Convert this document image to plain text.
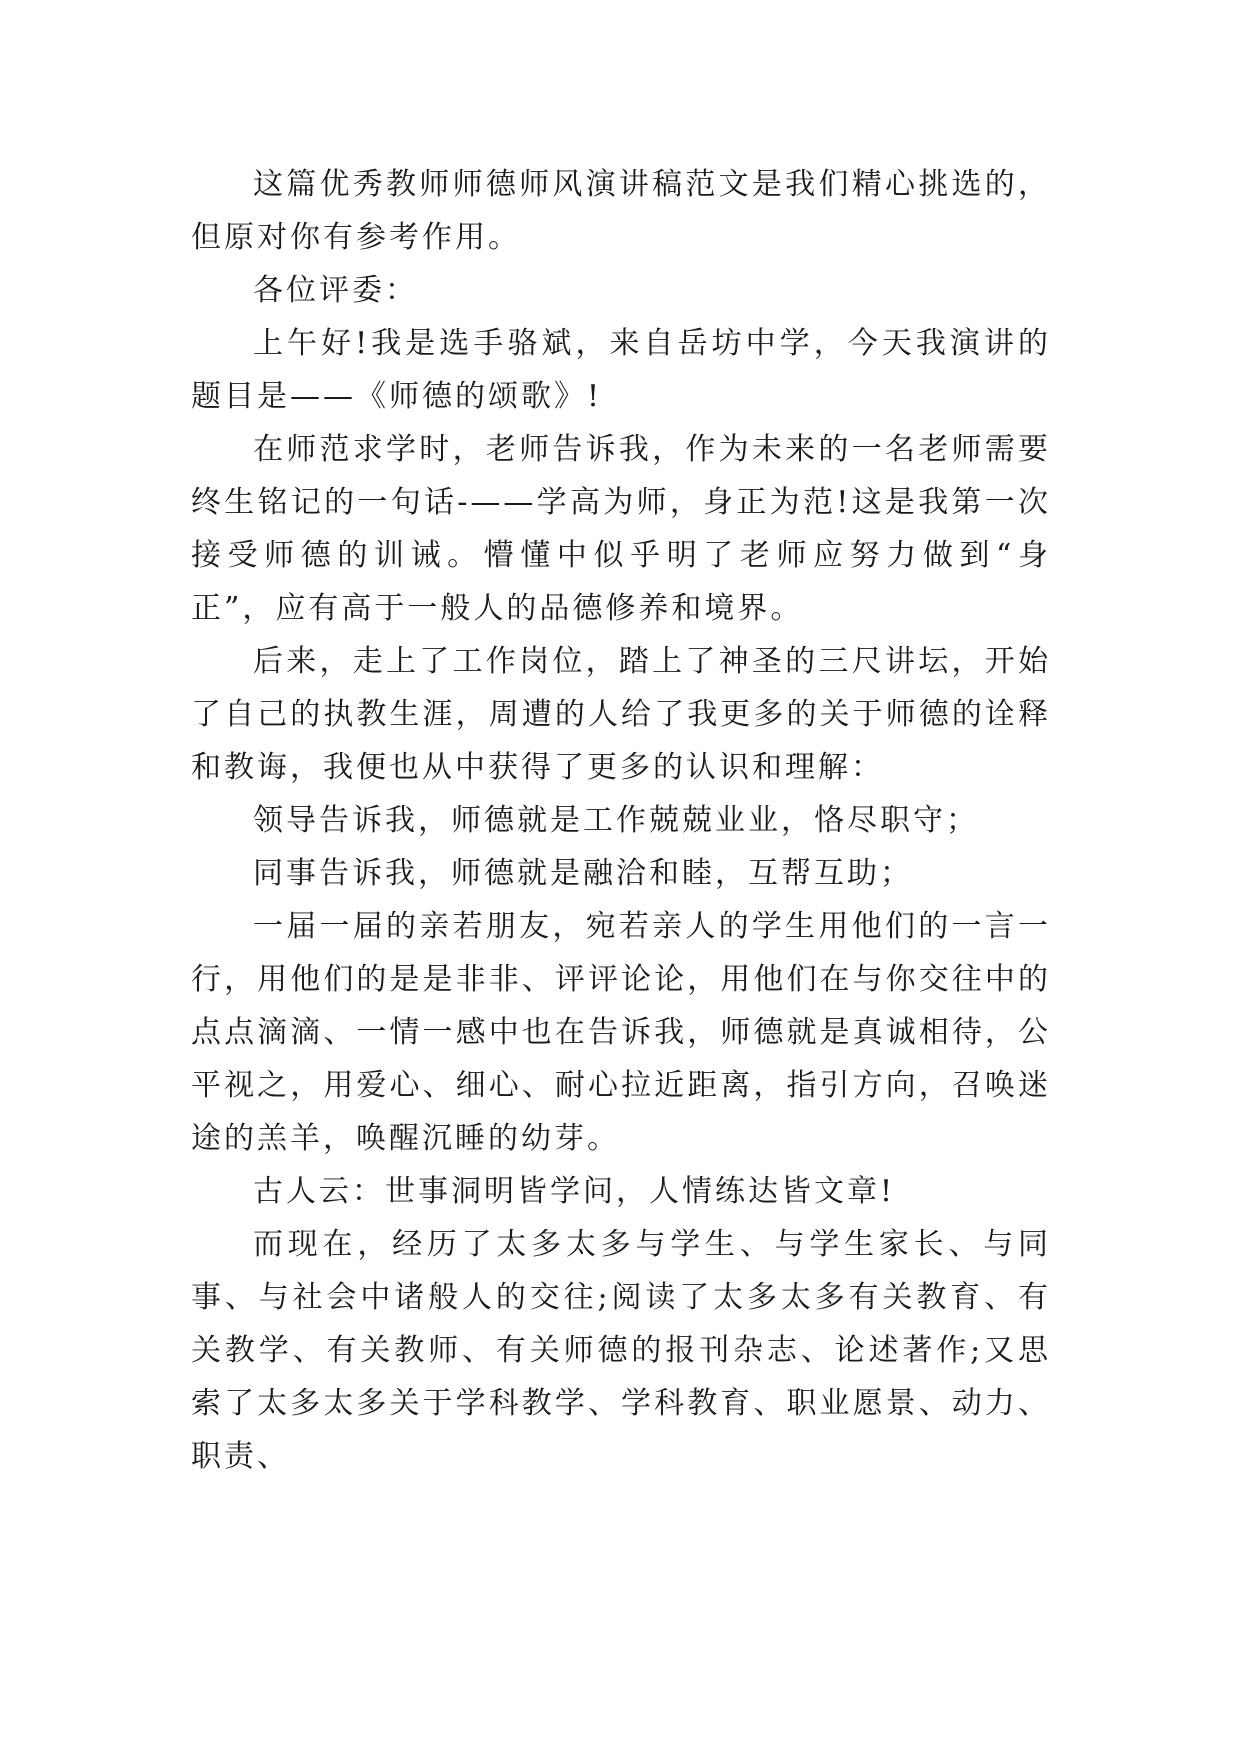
这篇优秀教师师德师风演讲稿范文是我们精心挑选的，但原对你有参考作用。

各位评委：

上午好!我是选手骆斌，来自岳坊中学，今天我演讲的题目是——《师德的颂歌》!

在师范求学时，老师告诉我，作为未来的一名老师需要终生铭记的一句话-——学高为师，身正为范!这是我第一次接受师德的训诫。懵懂中似乎明了老师应努力做到“身正”，应有高于一般人的品德修养和境界。

后来，走上了工作岗位，踏上了神圣的三尺讲坛，开始了自己的执教生涯，周遭的人给了我更多的关于师德的诠释和教诲，我便也从中获得了更多的认识和理解：

领导告诉我，师德就是工作兢兢业业，恪尽职守；

同事告诉我，师德就是融洽和睦，互帮互助；

一届一届的亲若朋友，宛若亲人的学生用他们的一言一行，用他们的是是非非、评评论论，用他们在与你交往中的点点滴滴、一情一感中也在告诉我，师德就是真诚相待，公平视之，用爱心、细心、耐心拉近距离，指引方向，召唤迷途的羔羊，唤醒沉睡的幼芽。

古人云：世事洞明皆学问，人情练达皆文章!

而现在，经历了太多太多与学生、与学生家长、与同事、与社会中诸般人的交往;阅读了太多太多有关教育、有关教学、有关教师、有关师德的报刊杂志、论述著作;又思索了太多太多关于学科教学、学科教育、职业愿景、动力、职责、
